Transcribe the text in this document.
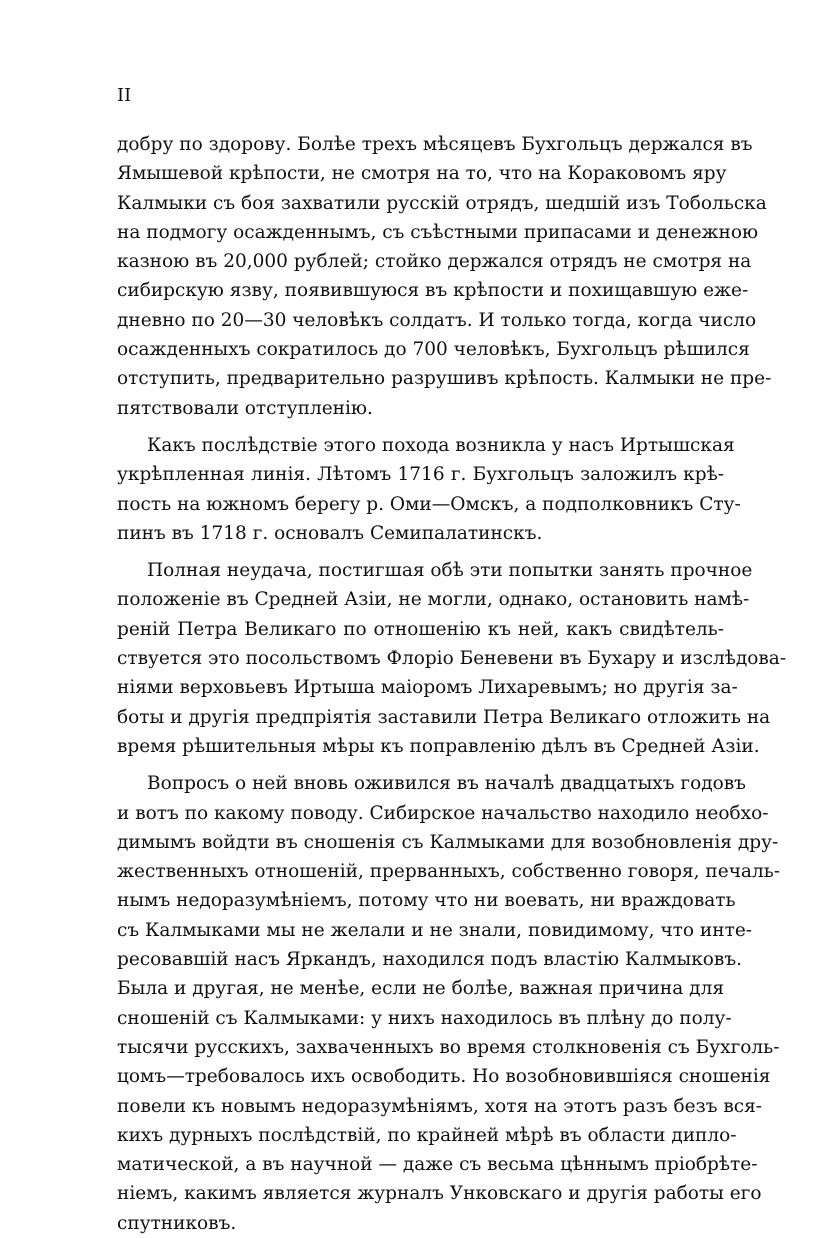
II
добру по здорову. Болѣе трехъ мѣсяцевъ Бухгольцъ держался въ
Ямышевой крѣпости, не смотря на то, что на Кораковомъ яру
Калмыки съ боя захватили русскій отрядъ, шедшій изъ Тобольска
на подмогу осажденнымъ, съ съѣстными припасами и денежною
казною въ 20,000 рублей; стойко держался отрядъ не смотря на
сибирскую язву, появившуюся въ крѣпости и похищавшую еже-
дневно по 20—30 человѣкъ солдатъ. И только тогда, когда число
осажденныхъ сократилось до 700 человѣкъ, Бухгольцъ рѣшился
отступить, предварительно разрушивъ крѣпость. Калмыки не пре-
пятствовали отступленію.
Какъ послѣдствіе этого похода возникла у насъ Иртышская
укрѣпленная линія. Лѣтомъ 1716 г. Бухгольцъ заложилъ крѣ-
пость на южномъ берегу р. Оми—Омскъ, а подполковникъ Сту-
пинъ въ 1718 г. основалъ Семипалатинскъ.
Полная неудача, постигшая обѣ эти попытки занять прочное
положеніе въ Средней Азіи, не могли, однако, остановить намѣ-
реній Петра Великаго по отношенію къ ней, какъ свидѣтель-
ствуется это посольствомъ Флоріо Беневени въ Бухару и изслѣдова-
ніями верховьевъ Иртыша маіоромъ Лихаревымъ; но другія за-
боты и другія предпріятія заставили Петра Великаго отложить на
время рѣшительныя мѣры къ поправленію дѣлъ въ Средней Азіи.
Вопросъ о ней вновь оживился въ началѣ двадцатыхъ годовъ
и вотъ по какому поводу. Сибирское начальство находило необхо-
димымъ войдти въ сношенія съ Калмыками для возобновленія дру-
жественныхъ отношеній, прерванныхъ, собственно говоря, печаль-
нымъ недоразумѣніемъ, потому что ни воевать, ни враждовать
съ Калмыками мы не желали и не знали, повидимому, что инте-
ресовавшій насъ Яркандъ, находился подъ властію Калмыковъ.
Была и другая, не менѣе, если не болѣе, важная причина для
сношеній съ Калмыками: у нихъ находилось въ плѣну до полу-
тысячи русскихъ, захваченныхъ во время столкновенія съ Бухголь-
цомъ—требовалось ихъ освободить. Но возобновившіяся сношенія
повели къ новымъ недоразумѣніямъ, хотя на этотъ разъ безъ вся-
кихъ дурныхъ послѣдствій, по крайней мѣрѣ въ области дипло-
матической, а въ научной — даже съ весьма цѣннымъ пріобрѣте-
ніемъ, какимъ является журналъ Унковскаго и другія работы его
спутниковъ.
